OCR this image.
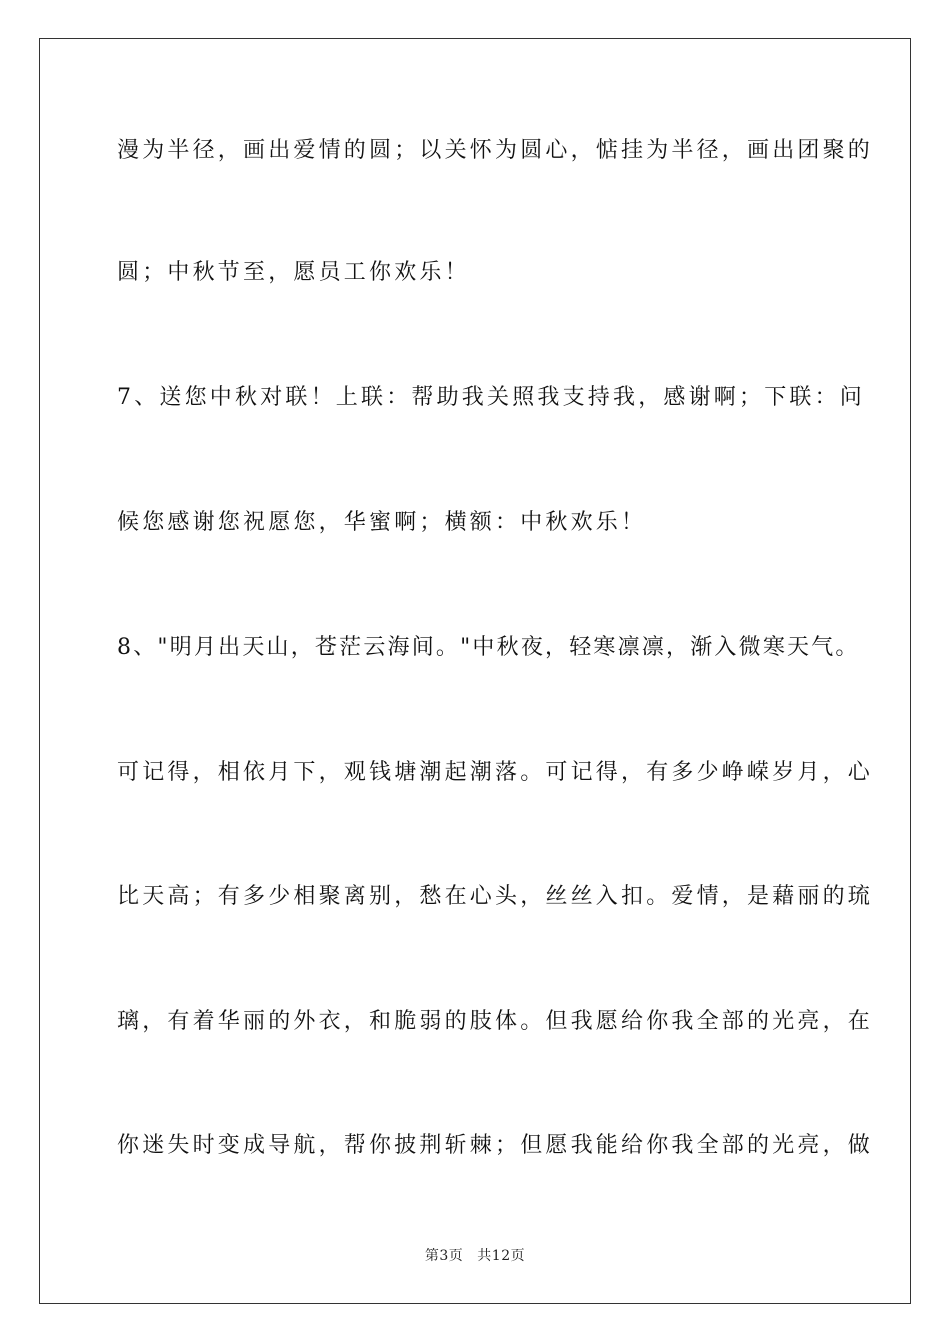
漫为半径，画出爱情的圆；以关怀为圆心，惦挂为半径，画出团聚的
圆；中秋节至，愿员工你欢乐！
7、送您中秋对联！上联：帮助我关照我支持我，感谢啊；下联：问
候您感谢您祝愿您，华蜜啊；横额：中秋欢乐！
8、"明月出天山，苍茫云海间。"中秋夜，轻寒凛凛，渐入微寒天气。
可记得，相依月下，观钱塘潮起潮落。可记得，有多少峥嵘岁月，心
比天高；有多少相聚离别，愁在心头，丝丝入扣。爱情，是藉丽的琉
璃，有着华丽的外衣，和脆弱的肢体。但我愿给你我全部的光亮，在
你迷失时变成导航，帮你披荆斩棘；但愿我能给你我全部的光亮，做
第3页 共12页
